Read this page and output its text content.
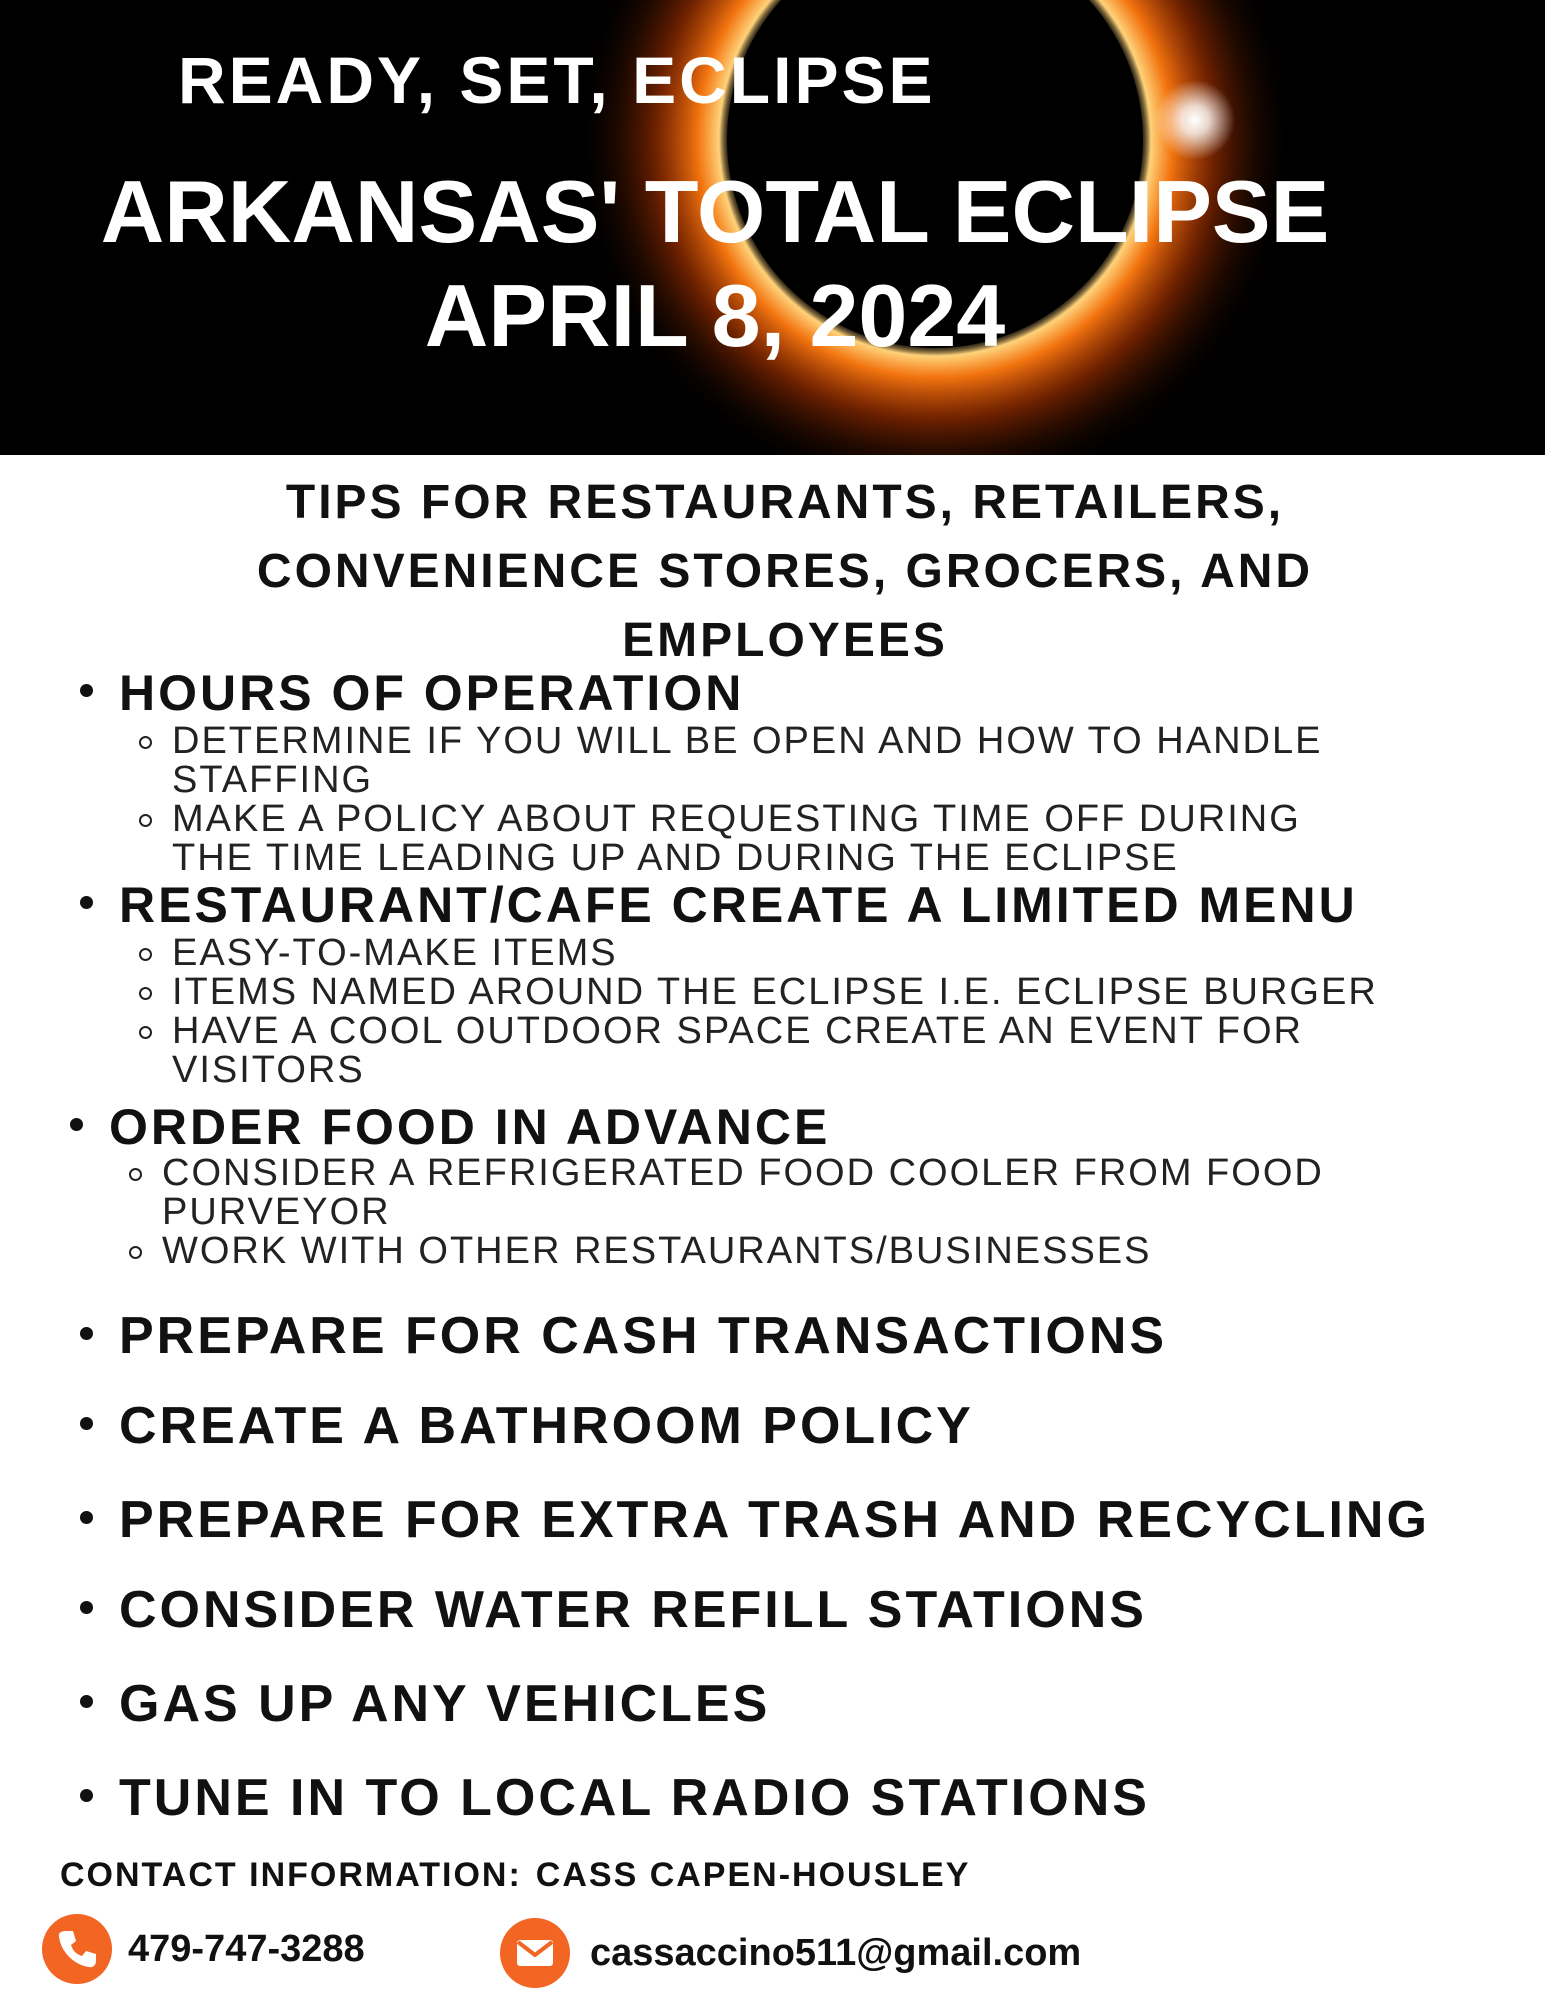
READY, SET, ECLIPSE
ARKANSAS' TOTAL ECLIPSE
APRIL 8, 2024
TIPS FOR RESTAURANTS, RETAILERS,
CONVENIENCE STORES, GROCERS, AND
EMPLOYEES
HOURS OF OPERATION
DETERMINE IF YOU WILL BE OPEN AND HOW TO HANDLE
STAFFING
MAKE A POLICY ABOUT REQUESTING TIME OFF DURING
THE TIME LEADING UP AND DURING THE ECLIPSE
RESTAURANT/CAFE CREATE A LIMITED MENU
EASY-TO-MAKE ITEMS
ITEMS NAMED AROUND THE ECLIPSE I.E. ECLIPSE BURGER
HAVE A COOL OUTDOOR SPACE CREATE AN EVENT FOR
VISITORS
ORDER FOOD IN ADVANCE
CONSIDER A REFRIGERATED FOOD COOLER FROM FOOD
PURVEYOR
WORK WITH OTHER RESTAURANTS/BUSINESSES
PREPARE FOR CASH TRANSACTIONS
CREATE A BATHROOM POLICY
PREPARE FOR EXTRA TRASH AND RECYCLING
CONSIDER WATER REFILL STATIONS
GAS UP ANY VEHICLES
TUNE IN TO LOCAL RADIO STATIONS
CONTACT INFORMATION: CASS CAPEN-HOUSLEY
479-747-3288	cassaccino511@gmail.com
